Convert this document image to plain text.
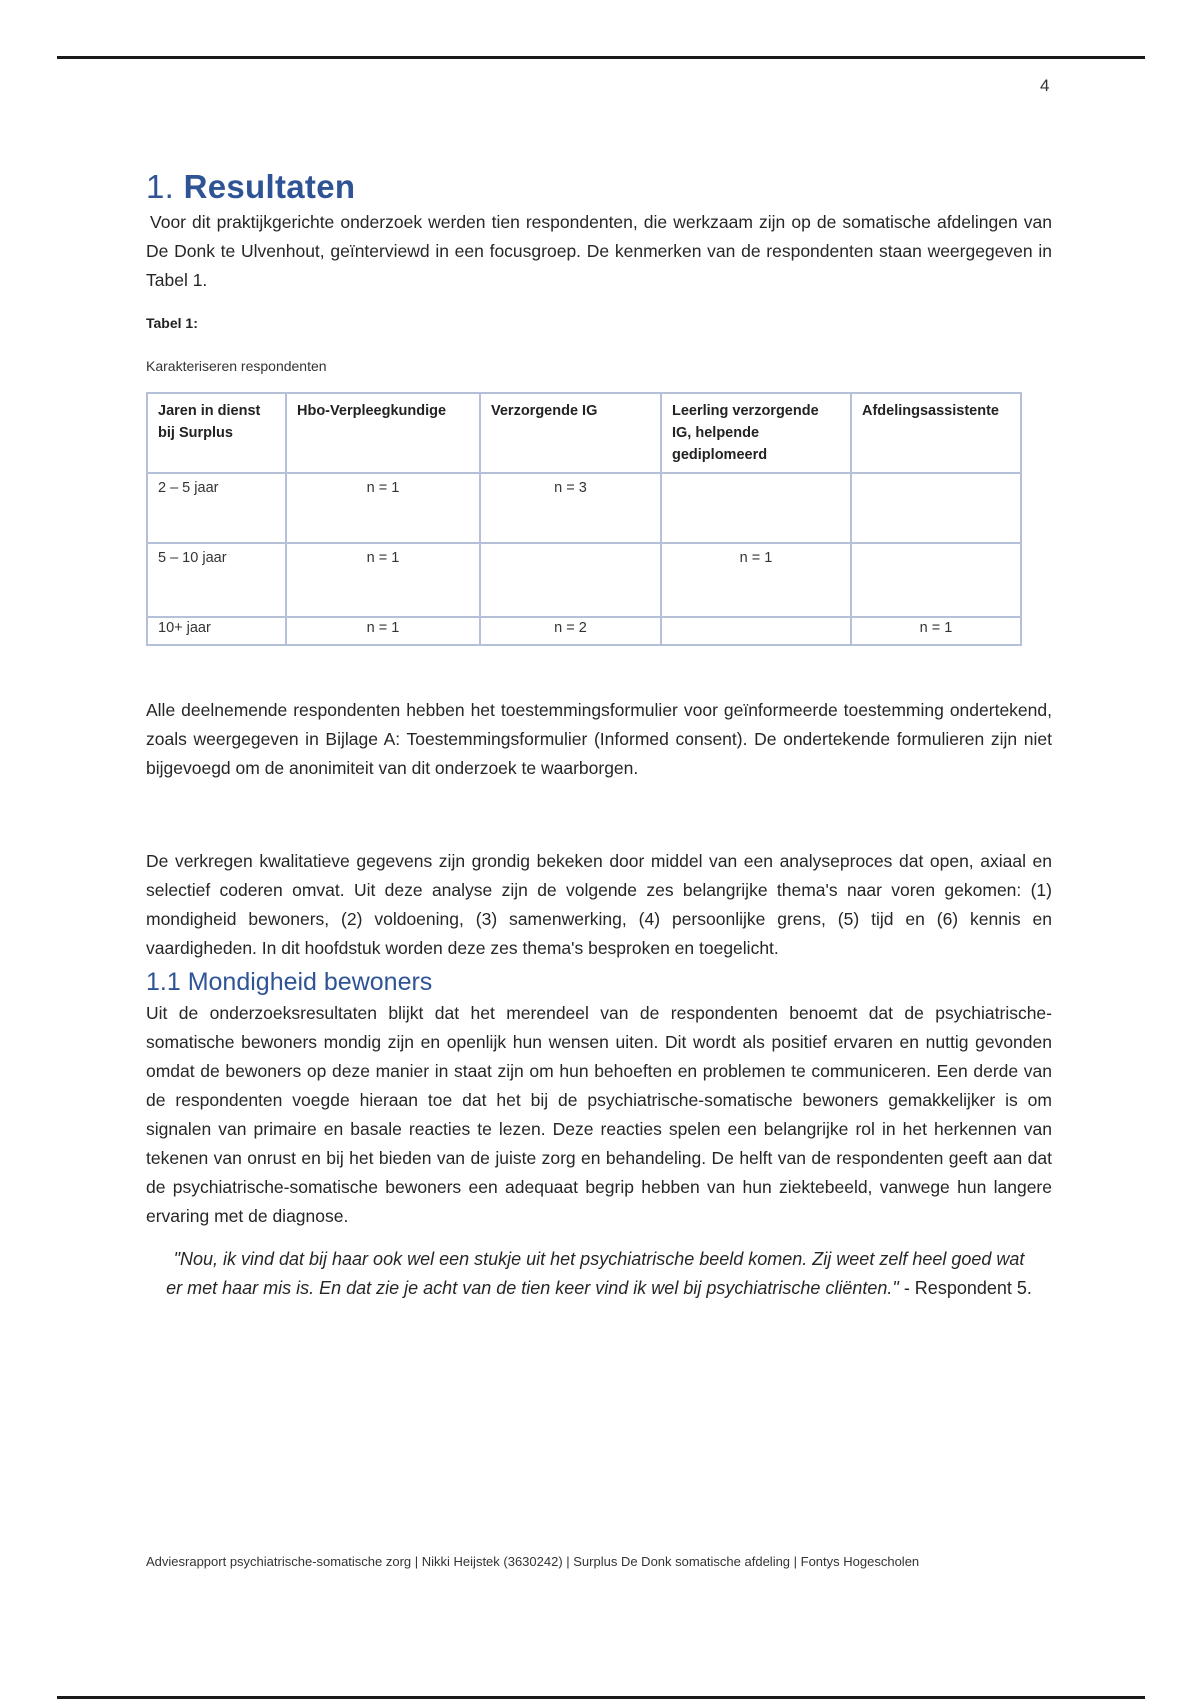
4
1. Resultaten

Voor dit praktijkgerichte onderzoek werden tien respondenten, die werkzaam zijn op de somatische afdelingen van De Donk te Ulvenhout, geïnterviewd in een focusgroep. De kenmerken van de respondenten staan weergegeven in Tabel 1.

Tabel 1:
Karakteriseren respondenten
Jaren in dienst bij Surplus	Hbo-Verpleegkundige	Verzorgende IG	Leerling verzorgende IG, helpende gediplomeerd	Afdelingsassistente
2 – 5 jaar	n = 1	n = 3		
5 – 10 jaar	n = 1		n = 1	
10+ jaar	n = 1	n = 2		n = 1

Alle deelnemende respondenten hebben het toestemmingsformulier voor geïnformeerde toestemming ondertekend, zoals weergegeven in Bijlage A: Toestemmingsformulier (Informed consent). De ondertekende formulieren zijn niet bijgevoegd om de anonimiteit van dit onderzoek te waarborgen.

De verkregen kwalitatieve gegevens zijn grondig bekeken door middel van een analyseproces dat open, axiaal en selectief coderen omvat. Uit deze analyse zijn de volgende zes belangrijke thema's naar voren gekomen: (1) mondigheid bewoners, (2) voldoening, (3) samenwerking, (4) persoonlijke grens, (5) tijd en (6) kennis en vaardigheden. In dit hoofdstuk worden deze zes thema's besproken en toegelicht.

1.1 Mondigheid bewoners

Uit de onderzoeksresultaten blijkt dat het merendeel van de respondenten benoemt dat de psychiatrische-somatische bewoners mondig zijn en openlijk hun wensen uiten. Dit wordt als positief ervaren en nuttig gevonden omdat de bewoners op deze manier in staat zijn om hun behoeften en problemen te communiceren. Een derde van de respondenten voegde hieraan toe dat het bij de psychiatrische-somatische bewoners gemakkelijker is om signalen van primaire en basale reacties te lezen. Deze reacties spelen een belangrijke rol in het herkennen van tekenen van onrust en bij het bieden van de juiste zorg en behandeling. De helft van de respondenten geeft aan dat de psychiatrische-somatische bewoners een adequaat begrip hebben van hun ziektebeeld, vanwege hun langere ervaring met de diagnose.

"Nou, ik vind dat bij haar ook wel een stukje uit het psychiatrische beeld komen. Zij weet zelf heel goed wat er met haar mis is. En dat zie je acht van de tien keer vind ik wel bij psychiatrische cliënten." - Respondent 5.

Adviesrapport psychiatrische-somatische zorg | Nikki Heijstek (3630242) | Surplus De Donk somatische afdeling | Fontys Hogescholen
